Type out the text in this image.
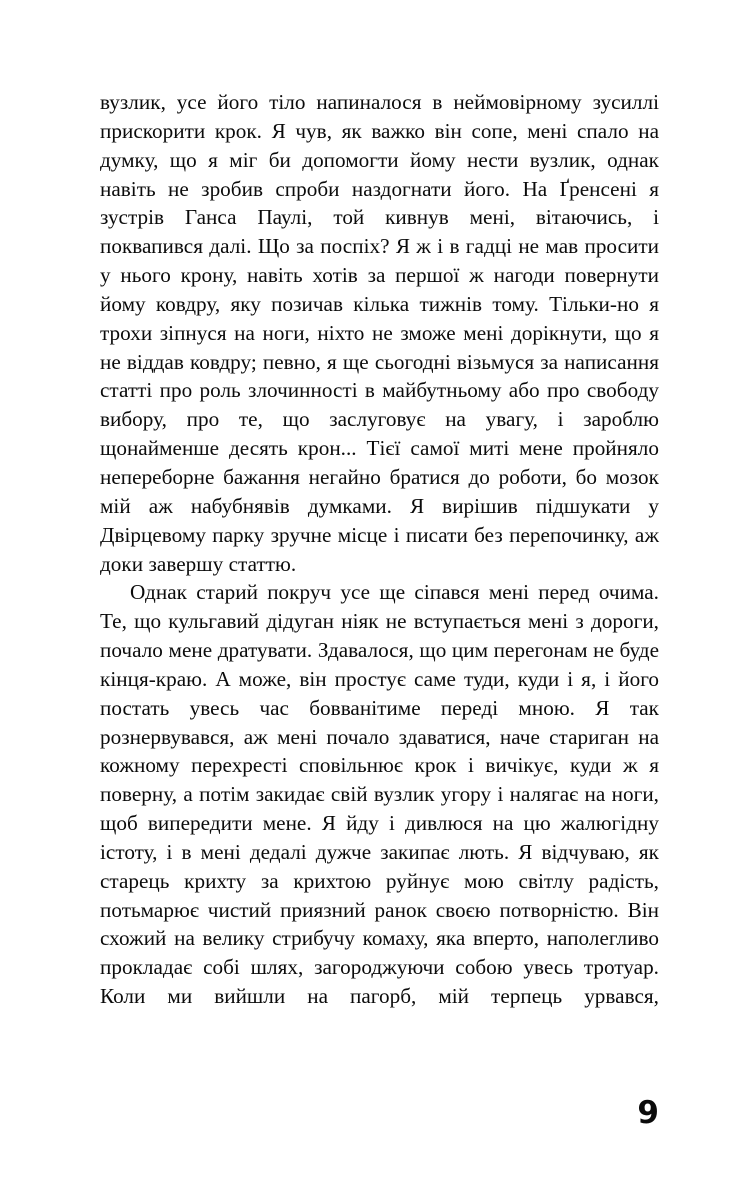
вузлик, усе його тіло напиналося в неймовірному зусиллі прискорити крок. Я чув, як важко він сопе, мені спало на думку, що я міг би допомогти йому нести вузлик, однак навіть не зробив спроби наздогнати його. На Ґренсені я зустрів Ганса Паулі, той кивнув мені, вітаючись, і поквапився далі. Що за поспіх? Я ж і в гадці не мав просити у нього крону, навіть хотів за першої ж нагоди повернути йому ковдру, яку позичав кілька тижнів тому. Тільки-но я трохи зіпнуся на ноги, ніхто не зможе мені дорікнути, що я не віддав ковдру; певно, я ще сьогодні візьмуся за написання статті про роль злочинності в майбутньому або про свободу вибору, про те, що заслуговує на увагу, і зароблю щонайменше десять крон... Тієї самої миті мене пройняло непереборне бажання негайно братися до роботи, бо мозок мій аж набубнявів думками. Я вирішив підшукати у Двірцевому парку зручне місце і писати без перепочинку, аж доки завершу статтю.

Однак старий покруч усе ще сіпався мені перед очима. Те, що кульгавий дідуган ніяк не вступається мені з дороги, почало мене дратувати. Здавалося, що цим перегонам не буде кінця-краю. А може, він простує саме туди, куди і я, і його постать увесь час бовванітиме переді мною. Я так рознервувався, аж мені почало здаватися, наче стариган на кожному перехресті сповільнює крок і вичікує, куди ж я поверну, а потім закидає свій вузлик угору і налягає на ноги, щоб випередити мене. Я йду і дивлюся на цю жалюгідну істоту, і в мені дедалі дужче закипає лють. Я відчуваю, як старець крихту за крихтою руйнує мою світлу радість, потьмарює чистий приязний ранок своєю потворністю. Він схожий на велику стрибучу комаху, яка вперто, наполегливо прокладає собі шлях, загороджуючи собою увесь тротуар. Коли ми вийшли на пагорб, мій терпець урвався,

9
